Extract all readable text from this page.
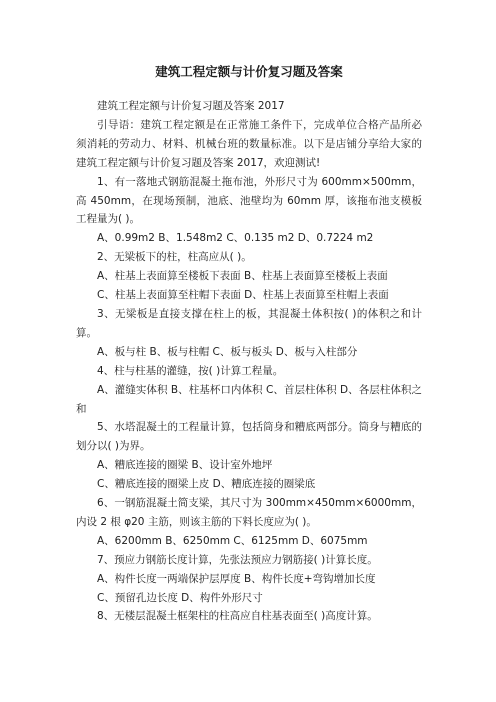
建筑工程定额与计价复习题及答案

建筑工程定额与计价复习题及答案 2017

引导语：建筑工程定额是在正常施工条件下，完成单位合格产品所必须消耗的劳动力、材料、机械台班的数量标准。以下是店铺分享给大家的建筑工程定额与计价复习题及答案 2017，欢迎测试!

1、有一落地式钢筋混凝土拖布池，外形尺寸为 600mm×500mm，高 450mm，在现场预制，池底、池壁均为 60mm 厚，该拖布池支模板工程量为( )。

A、0.99m2 B、1.548m2 C、0.135 m2 D、0.7224 m2

2、无梁板下的柱，柱高应从( )。

A、柱基上表面算至楼板下表面 B、柱基上表面算至楼板上表面

C、柱基上表面算至柱帽下表面 D、柱基上表面算至柱帽上表面

3、无梁板是直接支撑在柱上的板，其混凝土体积按( )的体积之和计算。

A、板与柱 B、板与柱帽 C、板与板头 D、板与入柱部分

4、柱与柱基的灌缝，按( )计算工程量。

A、灌缝实体积 B、柱基杯口内体积 C、首层柱体积 D、各层柱体积之和

5、水塔混凝土的工程量计算，包括筒身和糟底两部分。筒身与糟底的划分以( )为界。

A、糟底连接的圈梁 B、设计室外地坪

C、糟底连接的圈梁上皮 D、糟底连接的圈梁底

6、一钢筋混凝土简支梁，其尺寸为 300mm×450mm×6000mm，内设 2 根 φ20 主筋，则该主筋的下料长度应为( )。

A、6200mm B、6250mm C、6125mm D、6075mm

7、预应力钢筋长度计算，先张法预应力钢筋接( )计算长度。

A、构件长度一两端保护层厚度 B、构件长度+弯钩增加长度

C、预留孔边长度 D、构件外形尺寸

8、无楼层混凝土框架柱的柱高应自柱基表面至( )高度计算。
